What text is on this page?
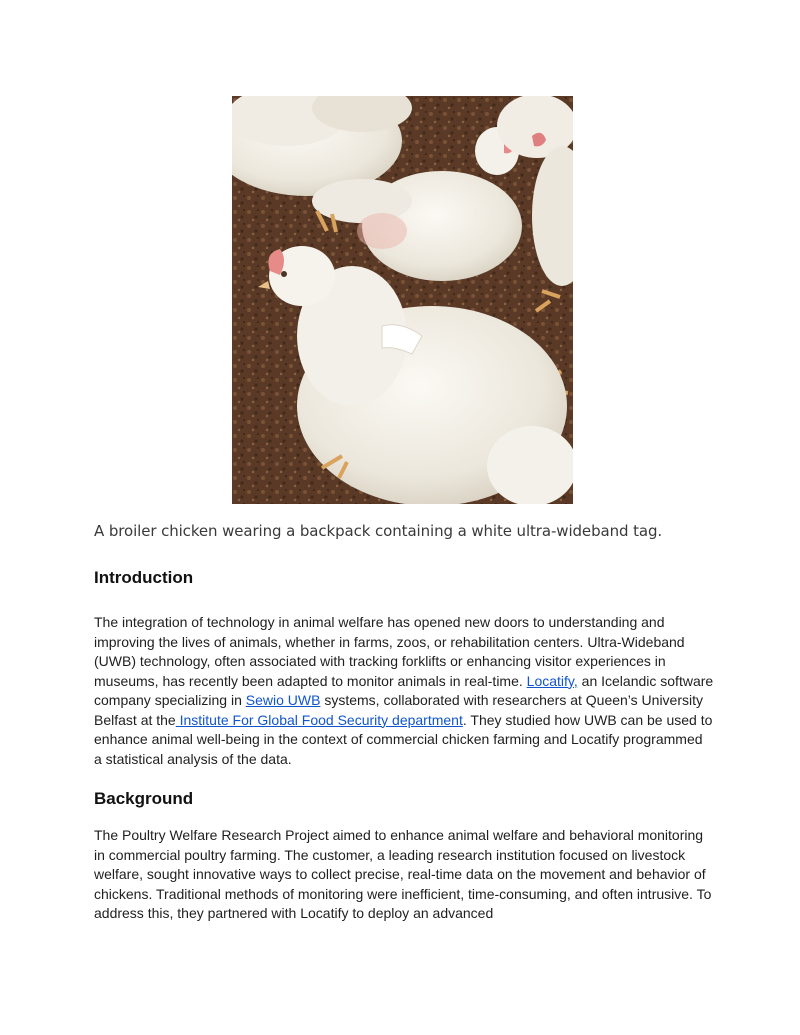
A broiler chicken wearing a backpack containing a white ultra-wideband tag.
Introduction

The integration of technology in animal welfare has opened new doors to understanding and improving the lives of animals, whether in farms, zoos, or rehabilitation centers. Ultra-Wideband (UWB) technology, often associated with tracking forklifts or enhancing visitor experiences in museums, has recently been adapted to monitor animals in real-time. Locatify, an Icelandic software company specializing in Sewio UWB systems, collaborated with researchers at Queen’s University Belfast at the Institute For Global Food Security department. They studied how UWB can be used to enhance animal well-being in the context of commercial chicken farming and Locatify programmed a statistical analysis of the data.

Background

The Poultry Welfare Research Project aimed to enhance animal welfare and behavioral monitoring in commercial poultry farming. The customer, a leading research institution focused on livestock welfare, sought innovative ways to collect precise, real-time data on the movement and behavior of chickens. Traditional methods of monitoring were inefficient, time-consuming, and often intrusive. To address this, they partnered with Locatify to deploy an advanced
